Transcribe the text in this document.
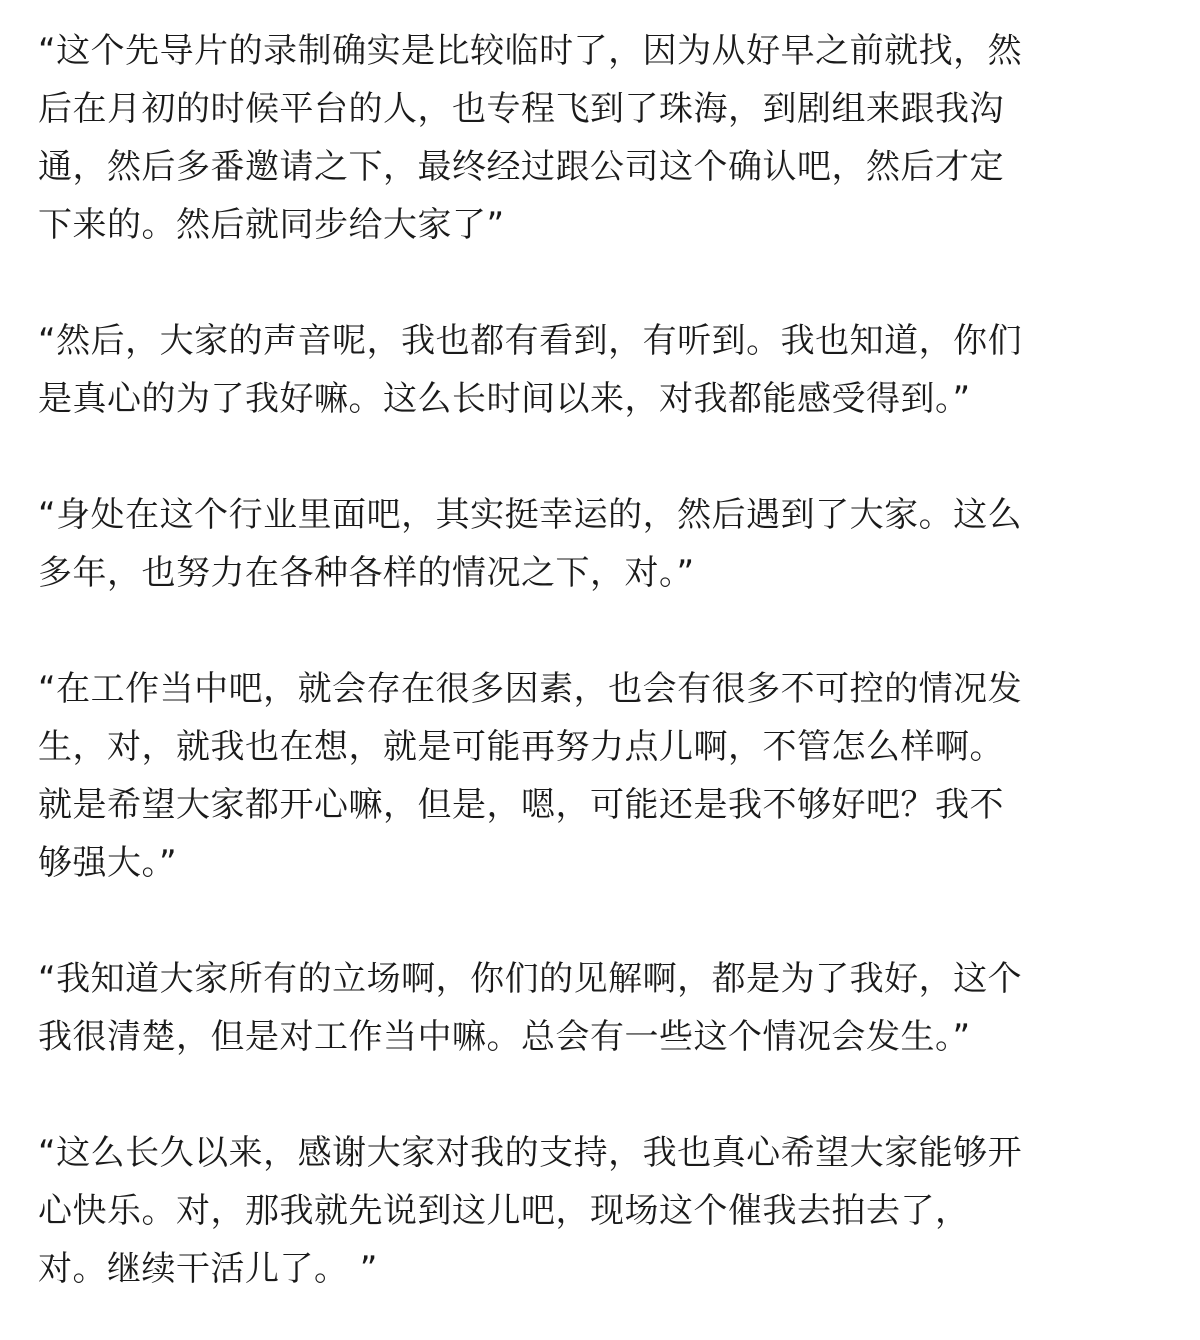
“这个先导片的录制确实是比较临时了，因为从好早之前就找，然
后在月初的时候平台的人，也专程飞到了珠海，到剧组来跟我沟
通，然后多番邀请之下，最终经过跟公司这个确认吧，然后才定
下来的。然后就同步给大家了”

“然后，大家的声音呢，我也都有看到，有听到。我也知道，你们
是真心的为了我好嘛。这么长时间以来，对我都能感受得到。”

“身处在这个行业里面吧，其实挺幸运的，然后遇到了大家。这么
多年，也努力在各种各样的情况之下，对。”

“在工作当中吧，就会存在很多因素，也会有很多不可控的情况发
生，对，就我也在想，就是可能再努力点儿啊，不管怎么样啊。
就是希望大家都开心嘛，但是，嗯，可能还是我不够好吧？我不
够强大。”

“我知道大家所有的立场啊，你们的见解啊，都是为了我好，这个
我很清楚，但是对工作当中嘛。总会有一些这个情况会发生。”

“这么长久以来，感谢大家对我的支持，我也真心希望大家能够开
心快乐。对，那我就先说到这儿吧，现场这个催我去拍去了，
对。继续干活儿了。 ”
